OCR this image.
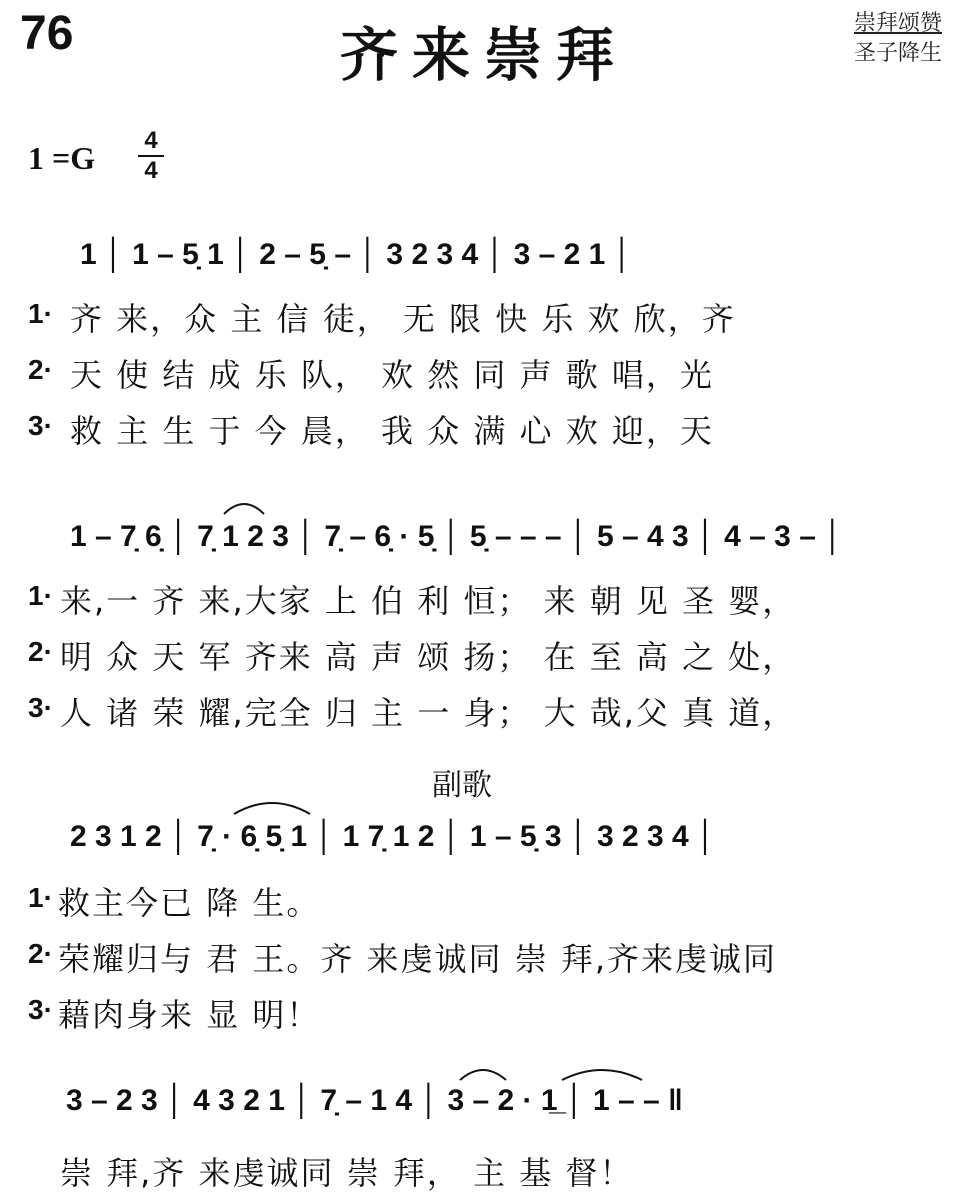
76	齐来崇拜	崇拜颂赞
圣子降生
1 =G 4
4
1 │ 1 – 5̣ 1 │ 2 – 5̣ – │ 3 2 3 4 │ 3 – 2 1 │
1· 齐 来，众 主 信 徒， 无 限 快 乐 欢 欣，齐
2· 天 使 结 成 乐 队， 欢 然 同 声 歌 唱，光
3· 救 主 生 于 今 晨， 我 众 满 心 欢 迎，天
1 – 7̣ 6̣ │ 7̣ 1 2 3 │ 7̣ – 6̣ · 5̣ │ 5̣ – – – │ 5 – 4 3 │ 4 – 3 – │
1· 来,一 齐 来,大家 上 伯 利 恒； 来 朝 见 圣 婴，
2· 明 众 天 军 齐来 高 声 颂 扬； 在 至 高 之 处，
3· 人 诸 荣 耀,完全 归 主 一 身； 大 哉,父 真 道，
副歌
2 3 1 2 │ 7̣ · 6̣ 5̣ 1 │ 1 7̣ 1 2 │ 1 – 5̣ 3 │ 3 2 3 4 │
1· 救主今已 降 生。
2· 荣耀归与 君 王。齐 来虔诚同 崇 拜,齐来虔诚同
3· 藉肉身来 显 明！
3 – 2 3 │ 4 3 2 1 │ 7̣ – 1 4 │ 3 – 2 · 1̲ │ 1 – – ‖
崇 拜,齐 来虔诚同 崇 拜， 主 基 督！
